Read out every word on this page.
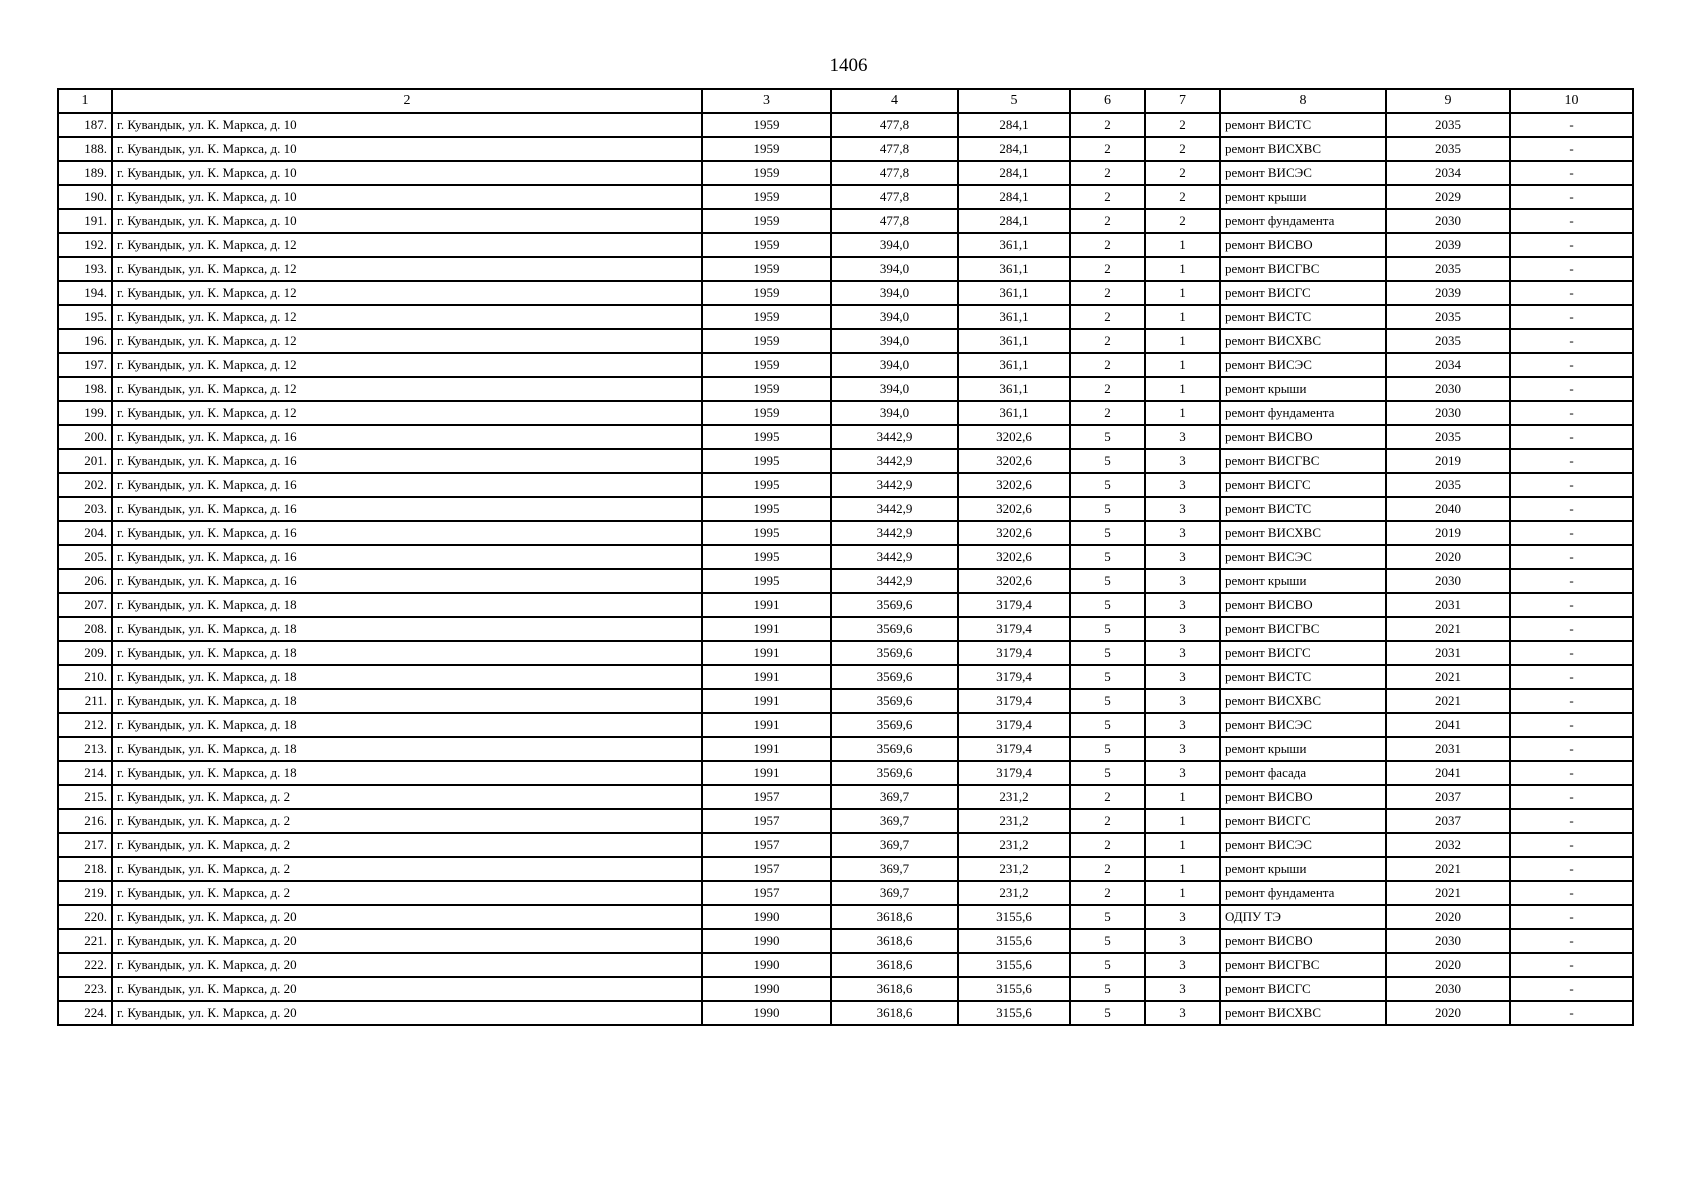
1406
1	2	3	4	5	6	7	8	9	10
187.	г. Кувандык, ул. К. Маркса, д. 10	1959	477,8	284,1	2	2	ремонт ВИСТС	2035	-
188.	г. Кувандык, ул. К. Маркса, д. 10	1959	477,8	284,1	2	2	ремонт ВИСХВС	2035	-
189.	г. Кувандык, ул. К. Маркса, д. 10	1959	477,8	284,1	2	2	ремонт ВИСЭС	2034	-
190.	г. Кувандык, ул. К. Маркса, д. 10	1959	477,8	284,1	2	2	ремонт крыши	2029	-
191.	г. Кувандык, ул. К. Маркса, д. 10	1959	477,8	284,1	2	2	ремонт фундамента	2030	-
192.	г. Кувандык, ул. К. Маркса, д. 12	1959	394,0	361,1	2	1	ремонт ВИСВО	2039	-
193.	г. Кувандык, ул. К. Маркса, д. 12	1959	394,0	361,1	2	1	ремонт ВИСГВС	2035	-
194.	г. Кувандык, ул. К. Маркса, д. 12	1959	394,0	361,1	2	1	ремонт ВИСГС	2039	-
195.	г. Кувандык, ул. К. Маркса, д. 12	1959	394,0	361,1	2	1	ремонт ВИСТС	2035	-
196.	г. Кувандык, ул. К. Маркса, д. 12	1959	394,0	361,1	2	1	ремонт ВИСХВС	2035	-
197.	г. Кувандык, ул. К. Маркса, д. 12	1959	394,0	361,1	2	1	ремонт ВИСЭС	2034	-
198.	г. Кувандык, ул. К. Маркса, д. 12	1959	394,0	361,1	2	1	ремонт крыши	2030	-
199.	г. Кувандык, ул. К. Маркса, д. 12	1959	394,0	361,1	2	1	ремонт фундамента	2030	-
200.	г. Кувандык, ул. К. Маркса, д. 16	1995	3442,9	3202,6	5	3	ремонт ВИСВО	2035	-
201.	г. Кувандык, ул. К. Маркса, д. 16	1995	3442,9	3202,6	5	3	ремонт ВИСГВС	2019	-
202.	г. Кувандык, ул. К. Маркса, д. 16	1995	3442,9	3202,6	5	3	ремонт ВИСГС	2035	-
203.	г. Кувандык, ул. К. Маркса, д. 16	1995	3442,9	3202,6	5	3	ремонт ВИСТС	2040	-
204.	г. Кувандык, ул. К. Маркса, д. 16	1995	3442,9	3202,6	5	3	ремонт ВИСХВС	2019	-
205.	г. Кувандык, ул. К. Маркса, д. 16	1995	3442,9	3202,6	5	3	ремонт ВИСЭС	2020	-
206.	г. Кувандык, ул. К. Маркса, д. 16	1995	3442,9	3202,6	5	3	ремонт крыши	2030	-
207.	г. Кувандык, ул. К. Маркса, д. 18	1991	3569,6	3179,4	5	3	ремонт ВИСВО	2031	-
208.	г. Кувандык, ул. К. Маркса, д. 18	1991	3569,6	3179,4	5	3	ремонт ВИСГВС	2021	-
209.	г. Кувандык, ул. К. Маркса, д. 18	1991	3569,6	3179,4	5	3	ремонт ВИСГС	2031	-
210.	г. Кувандык, ул. К. Маркса, д. 18	1991	3569,6	3179,4	5	3	ремонт ВИСТС	2021	-
211.	г. Кувандык, ул. К. Маркса, д. 18	1991	3569,6	3179,4	5	3	ремонт ВИСХВС	2021	-
212.	г. Кувандык, ул. К. Маркса, д. 18	1991	3569,6	3179,4	5	3	ремонт ВИСЭС	2041	-
213.	г. Кувандык, ул. К. Маркса, д. 18	1991	3569,6	3179,4	5	3	ремонт крыши	2031	-
214.	г. Кувандык, ул. К. Маркса, д. 18	1991	3569,6	3179,4	5	3	ремонт фасада	2041	-
215.	г. Кувандык, ул. К. Маркса, д. 2	1957	369,7	231,2	2	1	ремонт ВИСВО	2037	-
216.	г. Кувандык, ул. К. Маркса, д. 2	1957	369,7	231,2	2	1	ремонт ВИСГС	2037	-
217.	г. Кувандык, ул. К. Маркса, д. 2	1957	369,7	231,2	2	1	ремонт ВИСЭС	2032	-
218.	г. Кувандык, ул. К. Маркса, д. 2	1957	369,7	231,2	2	1	ремонт крыши	2021	-
219.	г. Кувандык, ул. К. Маркса, д. 2	1957	369,7	231,2	2	1	ремонт фундамента	2021	-
220.	г. Кувандык, ул. К. Маркса, д. 20	1990	3618,6	3155,6	5	3	ОДПУ ТЭ	2020	-
221.	г. Кувандык, ул. К. Маркса, д. 20	1990	3618,6	3155,6	5	3	ремонт ВИСВО	2030	-
222.	г. Кувандык, ул. К. Маркса, д. 20	1990	3618,6	3155,6	5	3	ремонт ВИСГВС	2020	-
223.	г. Кувандык, ул. К. Маркса, д. 20	1990	3618,6	3155,6	5	3	ремонт ВИСГС	2030	-
224.	г. Кувандык, ул. К. Маркса, д. 20	1990	3618,6	3155,6	5	3	ремонт ВИСХВС	2020	-
